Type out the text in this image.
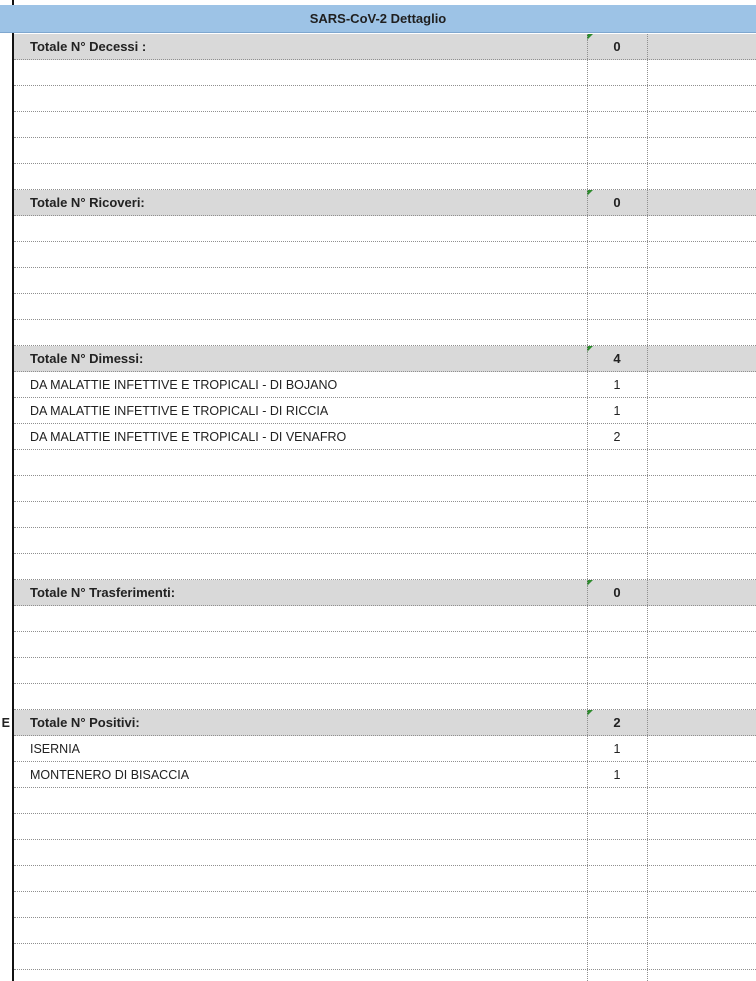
SARS-CoV-2 Dettaglio
Totale N° Decessi :	0
Totale N° Ricoveri:	0
Totale N° Dimessi:	4
DA MALATTIE INFETTIVE E TROPICALI - DI BOJANO	1
DA MALATTIE INFETTIVE E TROPICALI - DI RICCIA	1
DA MALATTIE INFETTIVE E TROPICALI - DI VENAFRO	2
Totale N° Trasferimenti:	0
Totale N° Positivi:	2
E
ISERNIA	1
MONTENERO DI BISACCIA	1
